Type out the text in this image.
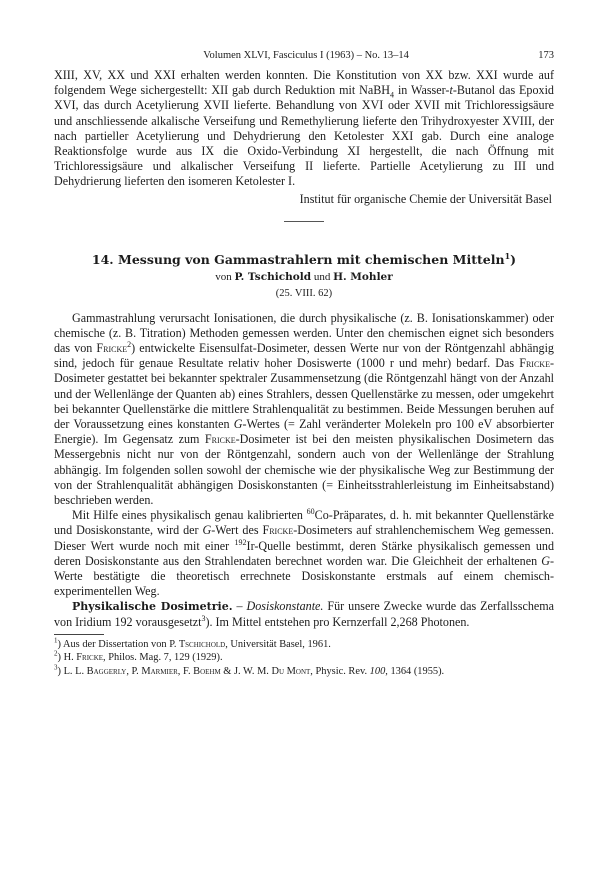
Volumen XLVI, Fasciculus I (1963) – No. 13–14	173

XIII, XV, XX und XXI erhalten werden konnten. Die Konstitution von XX bzw. XXI wurde auf folgendem Wege sichergestellt: XII gab durch Reduktion mit NaBH$_4$ in Wasser-t-Butanol das Epoxid XVI, das durch Acetylierung XVII lieferte. Behandlung von XVI oder XVII mit Trichloressigsäure und anschliessende alkalische Verseifung und Remethylierung lieferte den Trihydroxyester XVIII, der nach partieller Acetylierung und Dehydrierung den Ketolester XXI gab. Durch eine analoge Reaktionsfolge wurde aus IX die Oxido-Verbindung XI hergestellt, die nach Öffnung mit Trichloressigsäure und alkalischer Verseifung II lieferte. Partielle Acetylierung zu III und Dehydrierung lieferten den isomeren Ketolester I.

Institut für organische Chemie der Universität Basel
14. Messung von Gammastrahlern mit chemischen Mitteln$^1$)
von P. Tschichold und H. Mohler
(25. VIII. 62)

Gammastrahlung verursacht Ionisationen, die durch physikalische (z. B. Ionisationskammer) oder chemische (z. B. Titration) Methoden gemessen werden. Unter den chemischen eignet sich besonders das von Fricke$^2$) entwickelte Eisensulfat-Dosimeter, dessen Werte nur von der Röntgenzahl abhängig sind, jedoch für genaue Resultate relativ hoher Dosiswerte (1000 r und mehr) bedarf. Das Fricke-Dosimeter gestattet bei bekannter spektraler Zusammensetzung (die Röntgenzahl hängt von der Anzahl und der Wellenlänge der Quanten ab) eines Strahlers, dessen Quellenstärke zu messen, oder umgekehrt bei bekannter Quellenstärke die mittlere Strahlenqualität zu bestimmen. Beide Messungen beruhen auf der Voraussetzung eines konstanten G-Wertes (= Zahl veränderter Molekeln pro 100 eV absorbierter Energie). Im Gegensatz zum Fricke-Dosimeter ist bei den meisten physikalischen Dosimetern das Messergebnis nicht nur von der Röntgenzahl, sondern auch von der Wellenlänge der Strahlung abhängig. Im folgenden sollen sowohl der chemische wie der physikalische Weg zur Bestimmung der von der Strahlenqualität abhängigen Dosiskonstanten (= Einheitsstrahlerleistung im Einheitsabstand) beschrieben werden.

Mit Hilfe eines physikalisch genau kalibrierten $^{60}$Co-Präparates, d. h. mit bekannter Quellenstärke und Dosiskonstante, wird der G-Wert des Fricke-Dosimeters auf strahlenchemischem Weg gemessen. Dieser Wert wurde noch mit einer $^{192}$Ir-Quelle bestimmt, deren Stärke physikalisch gemessen und deren Dosiskonstante aus den Strahlendaten berechnet worden war. Die Gleichheit der erhaltenen G-Werte bestätigte die theoretisch errechnete Dosiskonstante erstmals auf einem chemisch-experimentellen Weg.

Physikalische Dosimetrie. – Dosiskonstante. Für unsere Zwecke wurde das Zerfallsschema von Iridium 192 vorausgesetzt$^3$). Im Mittel entstehen pro Kernzerfall 2,268 Photonen.

$^1$) Aus der Dissertation von P. Tschichold, Universität Basel, 1961.
$^2$) H. Fricke, Philos. Mag. 7, 129 (1929).
$^3$) L. L. Baggerly, P. Marmier, F. Boehm & J. W. M. Du Mont, Physic. Rev. 100, 1364 (1955).
